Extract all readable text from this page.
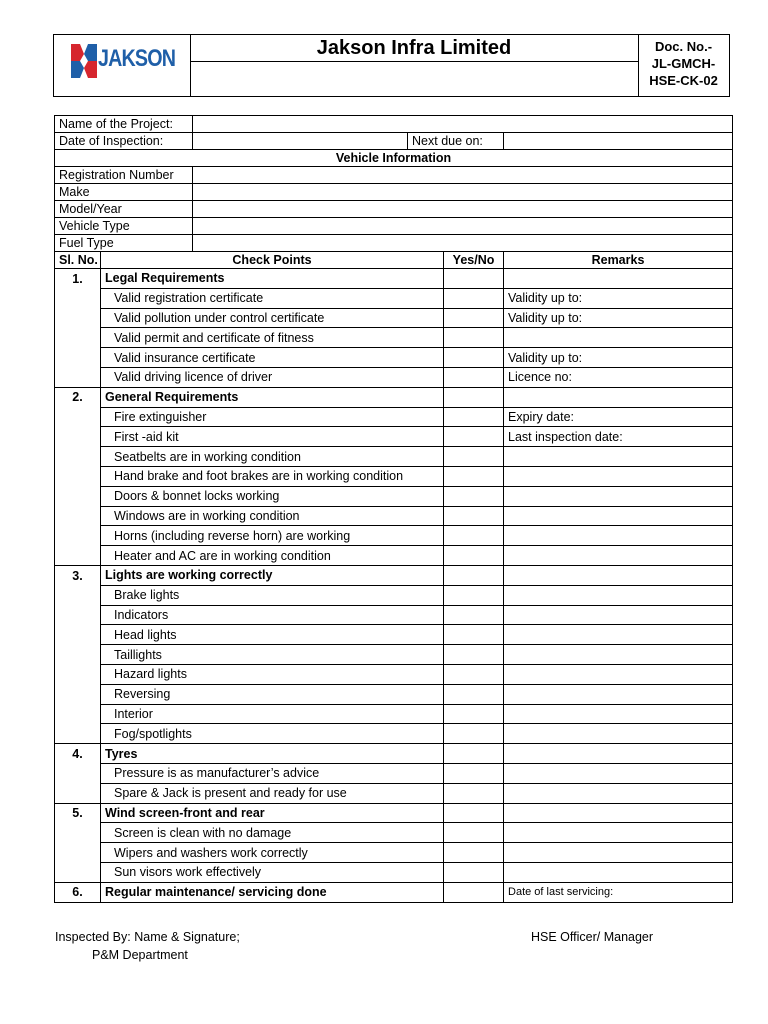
JAKSON	Jakson Infra Limited	Doc. No.-
JL-GMCH-
HSE-CK-02
Name of the Project:					
Date of Inspection:			Next due on:		
Vehicle Information					
Registration Number					
Make					
Model/Year					
Vehicle Type					
Fuel Type					
Sl. No.	Check Points			Yes/No	Remarks
1.	Legal Requirements				
	Valid registration certificate				Validity up to:
	Valid pollution under control certificate				Validity up to:
	Valid permit and certificate of fitness				
	Valid insurance certificate				Validity up to:
	Valid driving licence of driver				Licence no:
2.	General Requirements				
	Fire extinguisher				Expiry date:
	First -aid kit				Last inspection date:
	Seatbelts are in working condition				
	Hand brake and foot brakes are in working condition				
	Doors & bonnet locks working				
	Windows are in working condition				
	Horns (including reverse horn) are working				
	Heater and AC are in working condition				
3.	Lights are working correctly				
	Brake lights				
	Indicators				
	Head lights				
	Taillights				
	Hazard lights				
	Reversing				
	Interior				
	Fog/spotlights				
4.	Tyres				
	Pressure is as manufacturer’s advice				
	Spare & Jack is present and ready for use				
5.	Wind screen-front and rear				
	Screen is clean with no damage				
	Wipers and washers work correctly				
	Sun visors work effectively				
6.	Regular maintenance/ servicing done				Date of last servicing:
Inspected By: Name & Signature;
P&M Department
HSE Officer/ Manager
